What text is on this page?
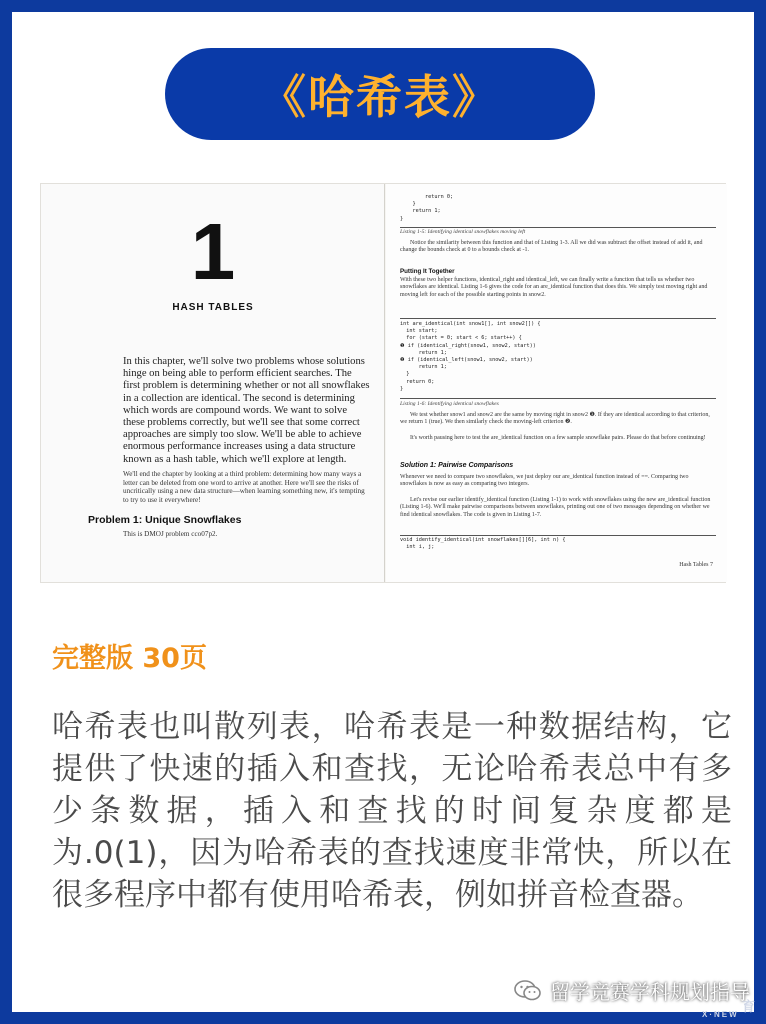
《哈希表》
1
HASH TABLES
In this chapter, we'll solve two problems whose solutions hinge on being able to perform efficient searches. The first problem is determining whether or not all snowflakes in a collection are identical. The second is determining which words are compound words. We want to solve these problems correctly, but we'll see that some correct approaches are simply too slow. We'll be able to achieve enormous performance increases using a data structure known as a hash table, which we'll explore at length.
We'll end the chapter by looking at a third problem: determining how many ways a letter can be deleted from one word to arrive at another. Here we'll see the risks of uncritically using a new data structure—when learning something new, it's tempting to try to use it everywhere!
Problem 1: Unique Snowflakes
This is DMOJ problem cco07p2.
return 0;
}
return 1;
}
Listing 1-5: Identifying identical snowflakes moving left
Notice the similarity between this function and that of Listing 1-3. All we did was subtract the offset instead of add it, and change the bounds check at 0 to a bounds check at -1.
Putting It Together
With these two helper functions, identical_right and identical_left, we can finally write a function that tells us whether two snowflakes are identical. Listing 1-6 gives the code for an are_identical function that does this. We simply test moving right and moving left for each of the possible starting points in snow2.
int are_identical(int snow1[], int snow2[]) {
int start;
for (start = 0; start < 6; start++) {
❶ if (identical_right(snow1, snow2, start))
return 1;
❷ if (identical_left(snow1, snow2, start))
return 1;
}
return 0;
}
Listing 1-6: Identifying identical snowflakes
We test whether snow1 and snow2 are the same by moving right in snow2 ❶. If they are identical according to that criterion, we return 1 (true). We then similarly check the moving-left criterion ❷.
It's worth pausing here to test the are_identical function on a few sample snowflake pairs. Please do that before continuing!
Solution 1: Pairwise Comparisons
Whenever we need to compare two snowflakes, we just deploy our are_identical function instead of ==. Comparing two snowflakes is now as easy as comparing two integers.
Let's revise our earlier identify_identical function (Listing 1-1) to work with snowflakes using the new are_identical function (Listing 1-6). We'll make pairwise comparisons between snowflakes, printing out one of two messages depending on whether we find identical snowflakes. The code is given in Listing 1-7.
void identify_identical(int snowflakes[][6], int n) {
int i, j;
Hash Tables 7
完整版 30页
哈希表也叫散列表，哈希表是一种数据结构，它提供了快速的插入和查找，无论哈希表总中有多少条数据，插入和查找的时间复杂度都是为.0(1)，因为哈希表的查找速度非常快，所以在很多程序中都有使用哈希表，例如拼音检查器。
留学竞赛学科规划指导
育
X·NEW
